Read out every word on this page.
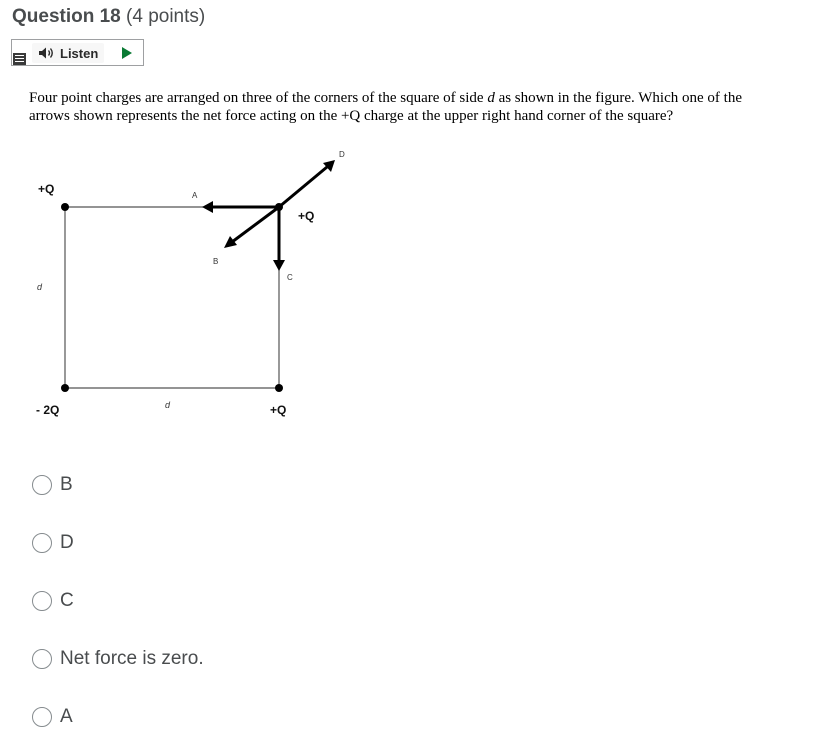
Question 18 (4 points)
Listen
Four point charges are arranged on three of the corners of the square of side d as shown in the figure. Which one of the arrows shown represents the net force acting on the +Q charge at the upper right hand corner of the square?
+Q
+Q
- 2Q	+Q
d
d
A
B
C
D
B
D
C
Net force is zero.
A
